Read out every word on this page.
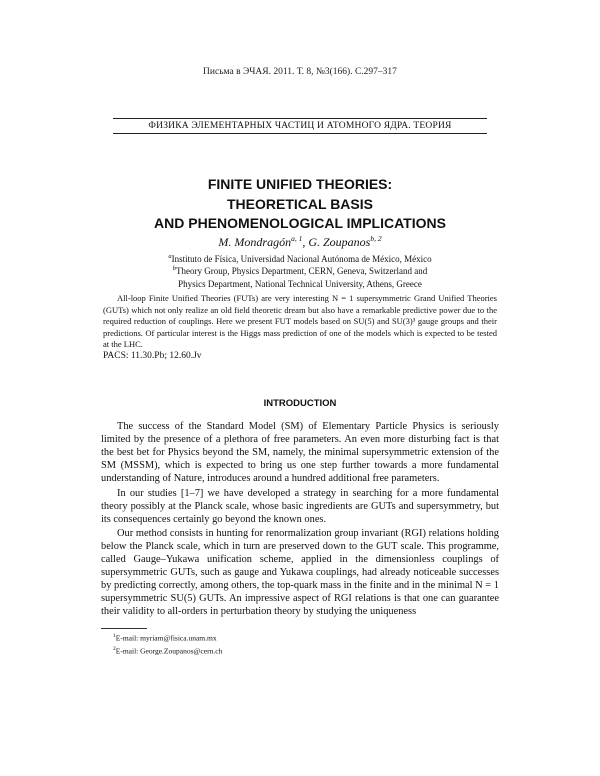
Письма в ЭЧАЯ. 2011. Т. 8, №3(166). С.297–317
ФИЗИКА ЭЛЕМЕНТАРНЫХ ЧАСТИЦ И АТОМНОГО ЯДРА. ТЕОРИЯ
FINITE UNIFIED THEORIES:
THEORETICAL BASIS
AND PHENOMENOLOGICAL IMPLICATIONS
M. Mondragón$^{a, 1}$, G. Zoupanos$^{b, 2}$
$^a$Instituto de Física, Universidad Nacional Autónoma de México, México
$^b$Theory Group, Physics Department, CERN, Geneva, Switzerland and
Physics Department, National Technical University, Athens, Greece
All-loop Finite Unified Theories (FUTs) are very interesting N = 1 supersymmetric Grand Unified Theories (GUTs) which not only realize an old field theoretic dream but also have a remarkable predictive power due to the required reduction of couplings. Here we present FUT models based on SU(5) and SU(3)³ gauge groups and their predictions. Of particular interest is the Higgs mass prediction of one of the models which is expected to be tested at the LHC.
PACS: 11.30.Pb; 12.60.Jv
INTRODUCTION

The success of the Standard Model (SM) of Elementary Particle Physics is seriously limited by the presence of a plethora of free parameters. An even more disturbing fact is that the best bet for Physics beyond the SM, namely, the minimal supersymmetric extension of the SM (MSSM), which is expected to bring us one step further towards a more fundamental understanding of Nature, introduces around a hundred additional free parameters.

In our studies [1–7] we have developed a strategy in searching for a more fundamental theory possibly at the Planck scale, whose basic ingredients are GUTs and supersymmetry, but its consequences certainly go beyond the known ones.

Our method consists in hunting for renormalization group invariant (RGI) relations holding below the Planck scale, which in turn are preserved down to the GUT scale. This programme, called Gauge–Yukawa unification scheme, applied in the dimensionless couplings of supersymmetric GUTs, such as gauge and Yukawa couplings, had already noticeable successes by predicting correctly, among others, the top-quark mass in the finite and in the minimal N = 1 supersymmetric SU(5) GUTs. An impressive aspect of RGI relations is that one can guarantee their validity to all-orders in perturbation theory by studying the uniqueness

$^1$E-mail: myriam@fisica.unam.mx
$^2$E-mail: George.Zoupanos@cern.ch
